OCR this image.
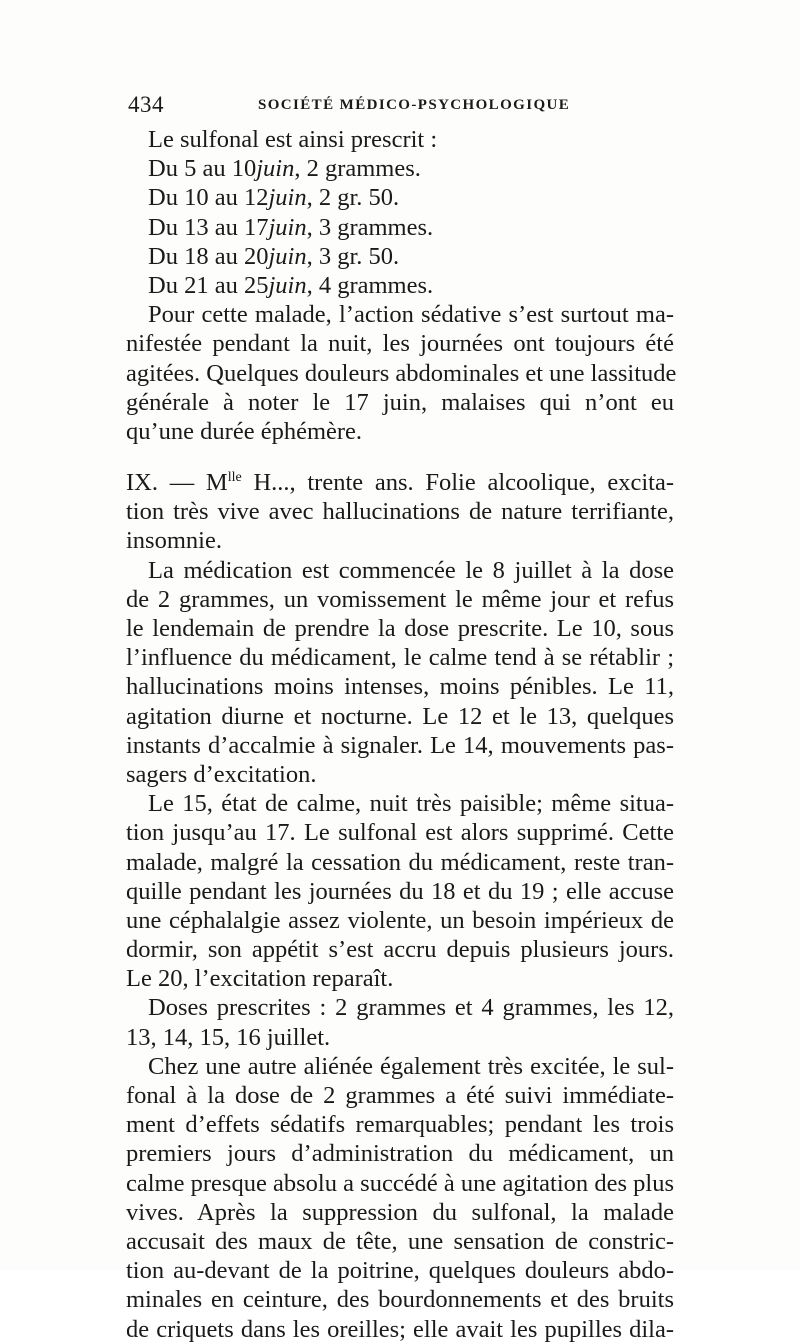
434	SOCIÉTÉ MÉDICO-PSYCHOLOGIQUE
Le sulfonal est ainsi prescrit :
Du 5 au 10juin, 2 grammes.
Du 10 au 12juin, 2 gr. 50.
Du 13 au 17juin, 3 grammes.
Du 18 au 20juin, 3 gr. 50.
Du 21 au 25juin, 4 grammes.
Pour cette malade, l’action sédative s’est surtout ma-
nifestée pendant la nuit, les journées ont toujours été
agitées. Quelques douleurs abdominales et une lassitude
générale à noter le 17 juin, malaises qui n’ont eu
qu’une durée éphémère.
IX. — $M^{lle}$ H..., trente ans. Folie alcoolique, excita-
tion très vive avec hallucinations de nature terrifiante,
insomnie.
La médication est commencée le 8 juillet à la dose
de 2 grammes, un vomissement le même jour et refus
le lendemain de prendre la dose prescrite. Le 10, sous
l’influence du médicament, le calme tend à se rétablir ;
hallucinations moins intenses, moins pénibles. Le 11,
agitation diurne et nocturne. Le 12 et le 13, quelques
instants d’accalmie à signaler. Le 14, mouvements pas-
sagers d’excitation.
Le 15, état de calme, nuit très paisible; même situa-
tion jusqu’au 17. Le sulfonal est alors supprimé. Cette
malade, malgré la cessation du médicament, reste tran-
quille pendant les journées du 18 et du 19 ; elle accuse
une céphalalgie assez violente, un besoin impérieux de
dormir, son appétit s’est accru depuis plusieurs jours.
Le 20, l’excitation reparaît.
Doses prescrites : 2 grammes et 4 grammes, les 12,
13, 14, 15, 16 juillet.
Chez une autre aliénée également très excitée, le sul-
fonal à la dose de 2 grammes a été suivi immédiate-
ment d’effets sédatifs remarquables; pendant les trois
premiers jours d’administration du médicament, un
calme presque absolu a succédé à une agitation des plus
vives. Après la suppression du sulfonal, la malade
accusait des maux de tête, une sensation de constric-
tion au-devant de la poitrine, quelques douleurs abdo-
minales en ceinture, des bourdonnements et des bruits
de criquets dans les oreilles; elle avait les pupilles dila-
